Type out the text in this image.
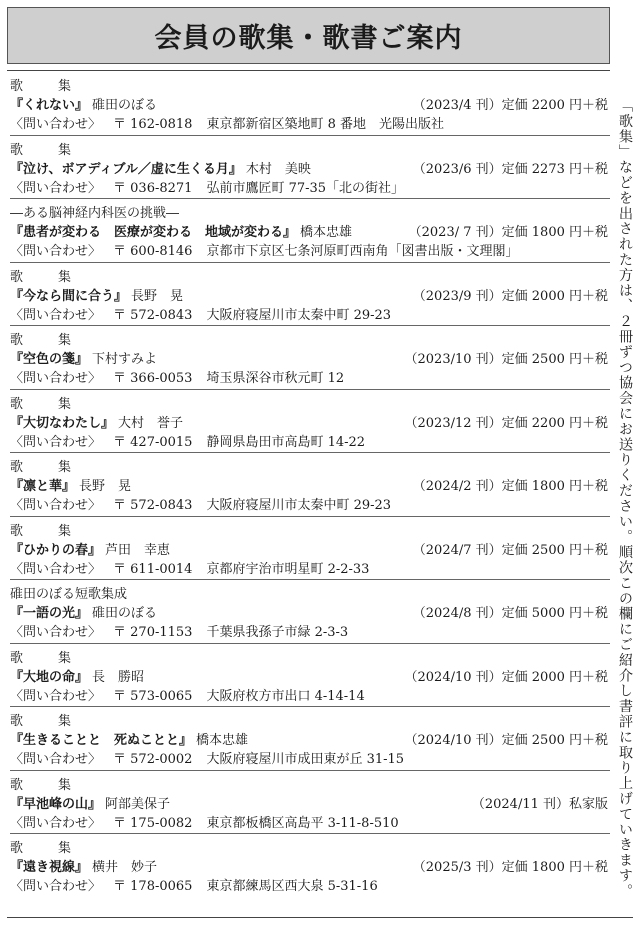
会員の歌集・歌書ご案内
歌　集
『くれない』 碓田のぼる	（2023/4 刊）定価 2200 円＋税
〈問い合わせ〉 〒 162-0818 東京都新宿区築地町 8 番地　光陽出版社
歌　集
『泣け、ボアディブル／虚に生くる月』 木村　美映	（2023/6 刊）定価 2273 円＋税
〈問い合わせ〉 〒 036-8271 弘前市鷹匠町 77-35「北の街社」
―ある脳神経内科医の挑戦―
『患者が変わる　医療が変わる　地域が変わる』 橋本忠雄	（2023/ 7 刊）定価 1800 円＋税
〈問い合わせ〉 〒 600-8146 京都市下京区七条河原町西南角「図書出版・文理閣」
歌　集
『今なら間に合う』 長野　晃	（2023/9 刊）定価 2000 円＋税
〈問い合わせ〉 〒 572-0843 大阪府寝屋川市太秦中町 29-23
歌　集
『空色の箋』 下村すみよ	（2023/10 刊）定価 2500 円＋税
〈問い合わせ〉 〒 366-0053 埼玉県深谷市秋元町 12
歌　集
『大切なわたし』 大村　誉子	（2023/12 刊）定価 2200 円＋税
〈問い合わせ〉 〒 427-0015 静岡県島田市高島町 14-22
歌　集
『凛と華』 長野　晃	（2024/2 刊）定価 1800 円＋税
〈問い合わせ〉 〒 572-0843 大阪府寝屋川市太秦中町 29-23
歌　集
『ひかりの春』 芦田　幸恵	（2024/7 刊）定価 2500 円＋税
〈問い合わせ〉 〒 611-0014 京都府宇治市明星町 2-2-33
碓田のぼる短歌集成
『一語の光』 碓田のぼる	（2024/8 刊）定価 5000 円＋税
〈問い合わせ〉 〒 270-1153 千葉県我孫子市緑 2-3-3
歌　集
『大地の命』 長　勝昭	（2024/10 刊）定価 2000 円＋税
〈問い合わせ〉 〒 573-0065 大阪府枚方市出口 4-14-14
歌　集
『生きることと　死ぬことと』 橋本忠雄	（2024/10 刊）定価 2500 円＋税
〈問い合わせ〉 〒 572-0002 大阪府寝屋川市成田東が丘 31-15
歌　集
『早池峰の山』 阿部美保子	（2024/11 刊）私家版
〈問い合わせ〉 〒 175-0082 東京都板橋区高島平 3-11-8-510
歌　集
『遠き視線』 横井　妙子	（2025/3 刊）定価 1800 円＋税
〈問い合わせ〉 〒 178-0065 東京都練馬区西大泉 5-31-16	「歌集」などを出された方は、２冊ずつ協会にお送りください。順次この欄にご紹介し書評に取り上げていきます。
